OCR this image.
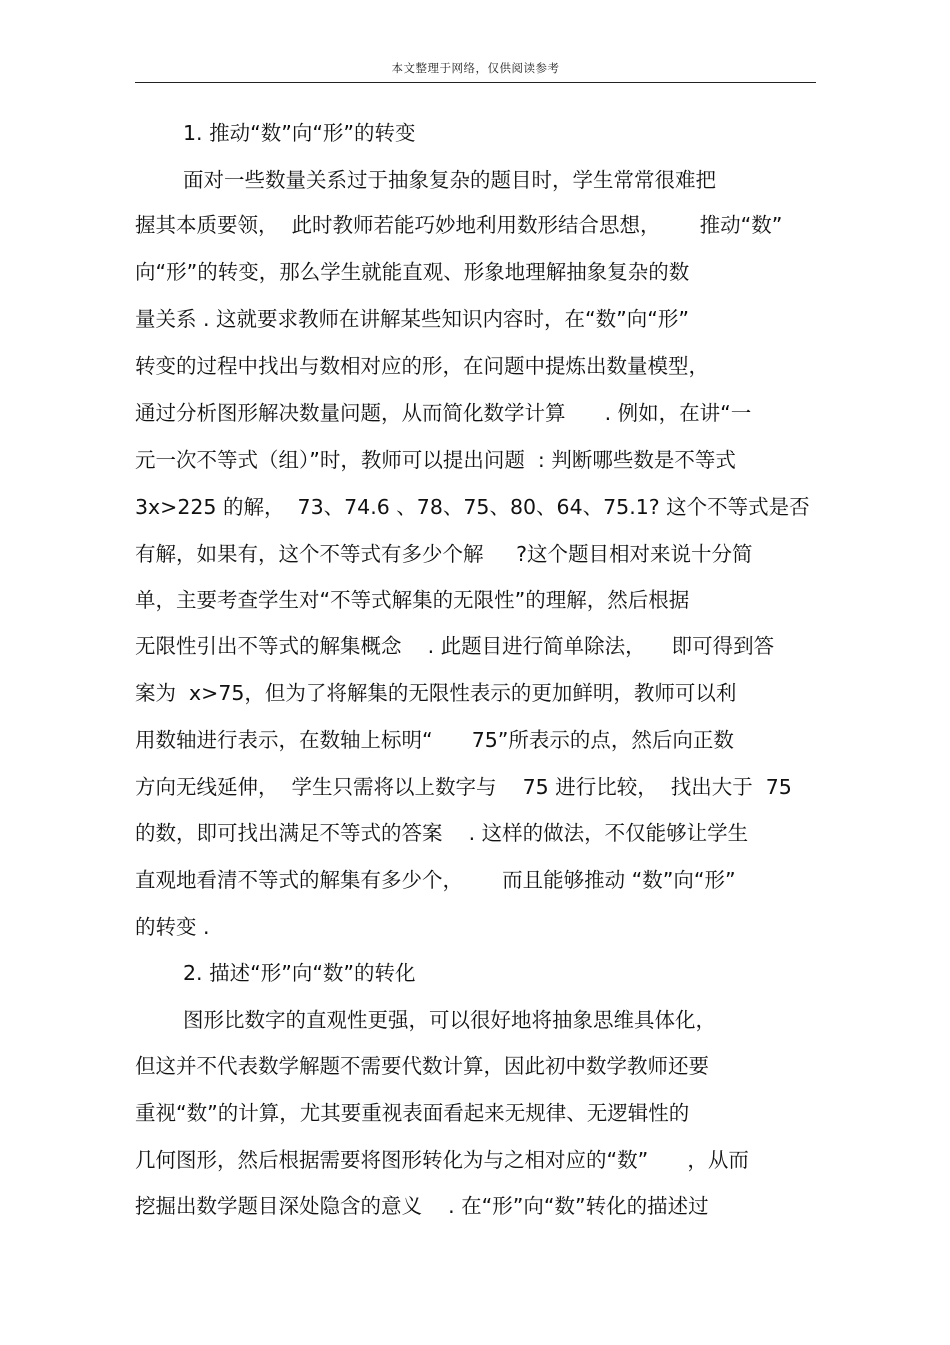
本文整理于网络，仅供阅读参考
1. 推动“数”向“形”的转变
面对一些数量关系过于抽象复杂的题目时，学生常常很难把
握其本质要领，  此时教师若能巧妙地利用数形结合思想，      推动“数”
向“形”的转变，那么学生就能直观、形象地理解抽象复杂的数
量关系 . 这就要求教师在讲解某些知识内容时，在“数”向“形”
转变的过程中找出与数相对应的形，在问题中提炼出数量模型，
通过分析图形解决数量问题，从而简化数学计算      . 例如，在讲“一
元一次不等式（组）”时，教师可以提出问题  : 判断哪些数是不等式
3x>225 的解，  73、74.6 、78、75、80、64、75.1? 这个不等式是否
有解，如果有，这个不等式有多少个解     ?这个题目相对来说十分简
单，主要考查学生对“不等式解集的无限性”的理解，然后根据
无限性引出不等式的解集概念    . 此题目进行简单除法，    即可得到答
案为  x>75，但为了将解集的无限性表示的更加鲜明，教师可以利
用数轴进行表示，在数轴上标明“      75”所表示的点，然后向正数
方向无线延伸，  学生只需将以上数字与    75 进行比较，  找出大于  75
的数，即可找出满足不等式的答案    . 这样的做法，不仅能够让学生
直观地看清不等式的解集有多少个，      而且能够推动 “数”向“形”
的转变 .
2. 描述“形”向“数”的转化
图形比数字的直观性更强，可以很好地将抽象思维具体化，
但这并不代表数学解题不需要代数计算，因此初中数学教师还要
重视“数”的计算，尤其要重视表面看起来无规律、无逻辑性的
几何图形，然后根据需要将图形转化为与之相对应的“数”      ，从而
挖掘出数学题目深处隐含的意义    . 在“形”向“数”转化的描述过
